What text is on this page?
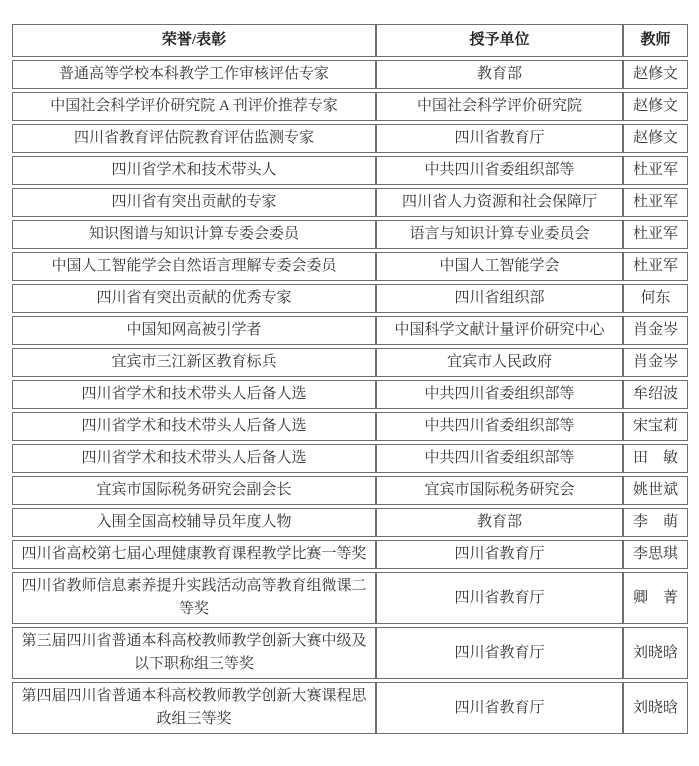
荣誉/表彰	授予单位	教师
普通高等学校本科教学工作审核评估专家	教育部	赵修文
中国社会科学评价研究院 A 刊评价推荐专家	中国社会科学评价研究院	赵修文
四川省教育评估院教育评估监测专家	四川省教育厅	赵修文
四川省学术和技术带头人	中共四川省委组织部等	杜亚军
四川省有突出贡献的专家	四川省人力资源和社会保障厅	杜亚军
知识图谱与知识计算专委会委员	语言与知识计算专业委员会	杜亚军
中国人工智能学会自然语言理解专委会委员	中国人工智能学会	杜亚军
四川省有突出贡献的优秀专家	四川省组织部	何东
中国知网高被引学者	中国科学文献计量评价研究中心	肖金岑
宜宾市三江新区教育标兵	宜宾市人民政府	肖金岑
四川省学术和技术带头人后备人选	中共四川省委组织部等	牟绍波
四川省学术和技术带头人后备人选	中共四川省委组织部等	宋宝莉
四川省学术和技术带头人后备人选	中共四川省委组织部等	田　敏
宜宾市国际税务研究会副会长	宜宾市国际税务研究会	姚世斌
入围全国高校辅导员年度人物	教育部	李　萌
四川省高校第七届心理健康教育课程教学比赛一等奖	四川省教育厅	李思琪
四川省教师信息素养提升实践活动高等教育组微课二等奖	四川省教育厅	卿　菁
第三届四川省普通本科高校教师教学创新大赛中级及以下职称组三等奖	四川省教育厅	刘晓晗
第四届四川省普通本科高校教师教学创新大赛课程思政组三等奖	四川省教育厅	刘晓晗
